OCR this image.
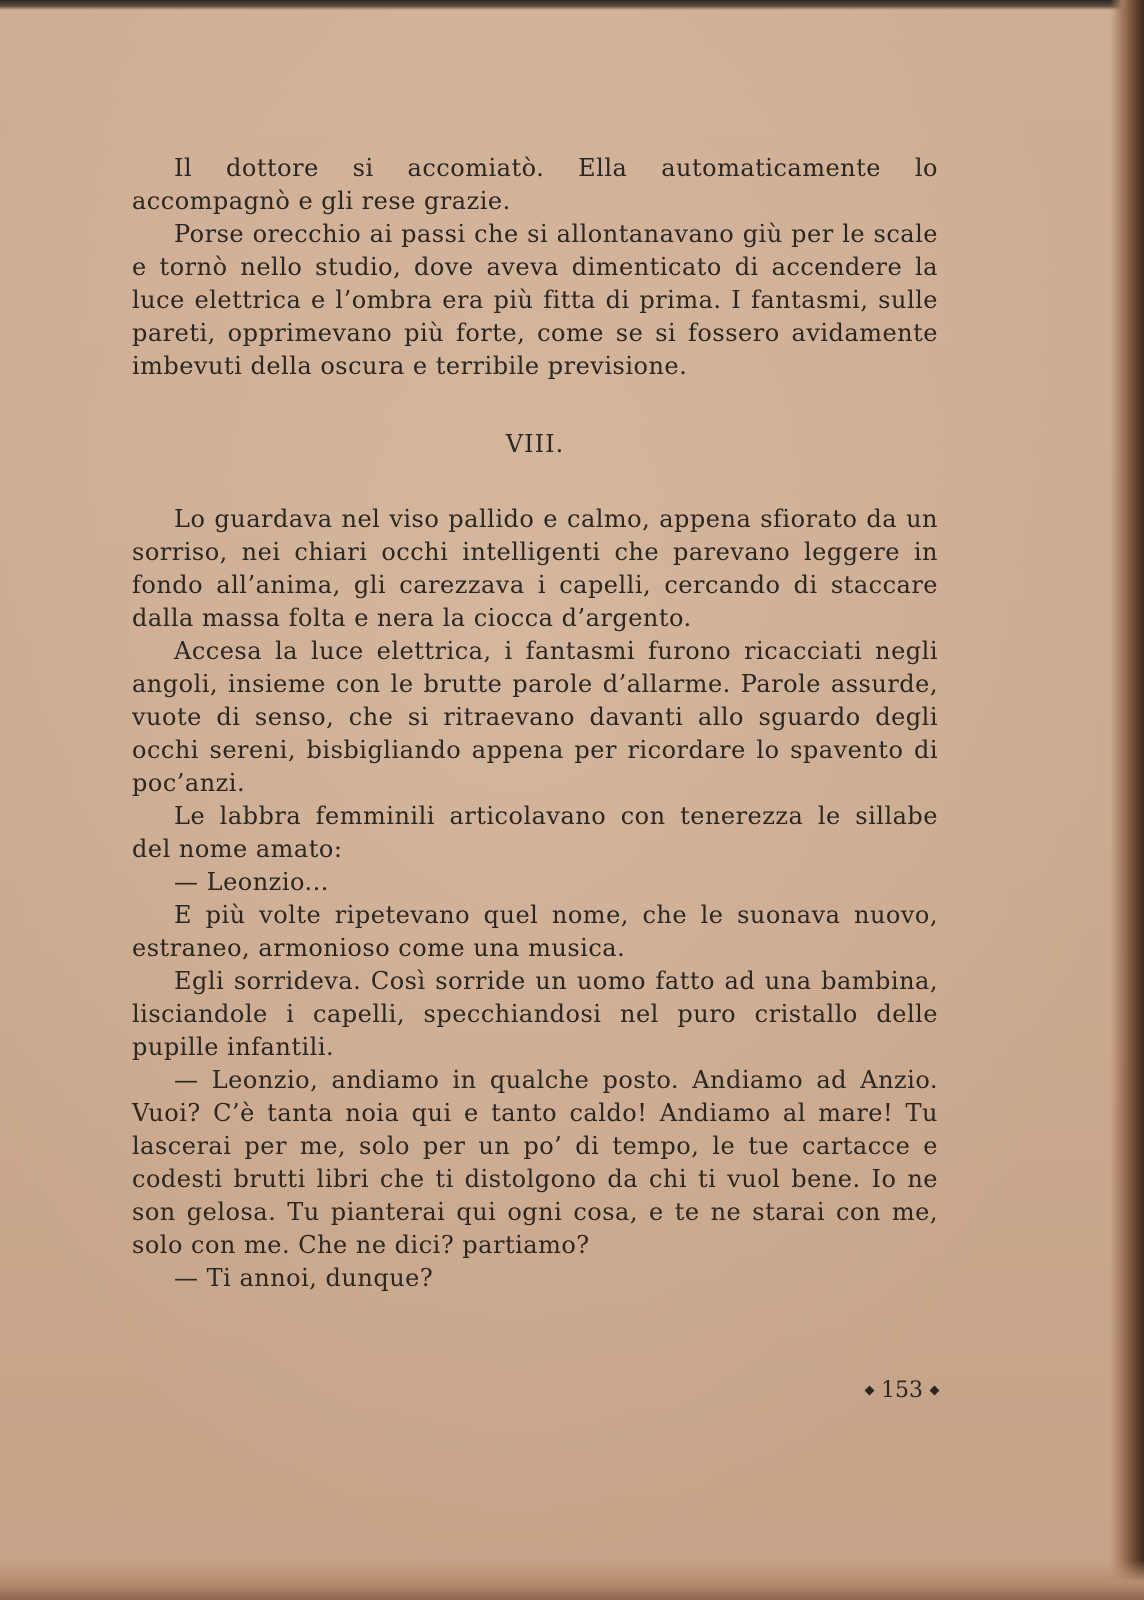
Il dottore si accomiatò. Ella automaticamente lo accompagnò e gli rese grazie.

Porse orecchio ai passi che si allontanavano giù per le scale e tornò nello studio, dove aveva dimenticato di accendere la luce elettrica e l’ombra era più fitta di prima. I fantasmi, sulle pareti, opprimevano più forte, come se si fossero avidamente imbevuti della oscura e terribile previsione.

VIII.

Lo guardava nel viso pallido e calmo, appena sfiorato da un sorriso, nei chiari occhi intelligenti che parevano leggere in fondo all’anima, gli carezzava i capelli, cercando di staccare dalla massa folta e nera la ciocca d’argento.

Accesa la luce elettrica, i fantasmi furono ricacciati negli angoli, insieme con le brutte parole d’allarme. Parole assurde, vuote di senso, che si ritraevano davanti allo sguardo degli occhi sereni, bisbigliando appena per ricordare lo spavento di poc’anzi.

Le labbra femminili articolavano con tenerezza le sillabe del nome amato:

— Leonzio...

E più volte ripetevano quel nome, che le suonava nuovo, estraneo, armonioso come una musica.

Egli sorrideva. Così sorride un uomo fatto ad una bambina, lisciandole i capelli, specchiandosi nel puro cristallo delle pupille infantili.

— Leonzio, andiamo in qualche posto. Andiamo ad Anzio. Vuoi? C’è tanta noia qui e tanto caldo! Andiamo al mare! Tu lascerai per me, solo per un po’ di tempo, le tue cartacce e codesti brutti libri che ti distolgono da chi ti vuol bene. Io ne son gelosa. Tu pianterai qui ogni cosa, e te ne starai con me, solo con me. Che ne dici? partiamo?

— Ti annoi, dunque?

153
